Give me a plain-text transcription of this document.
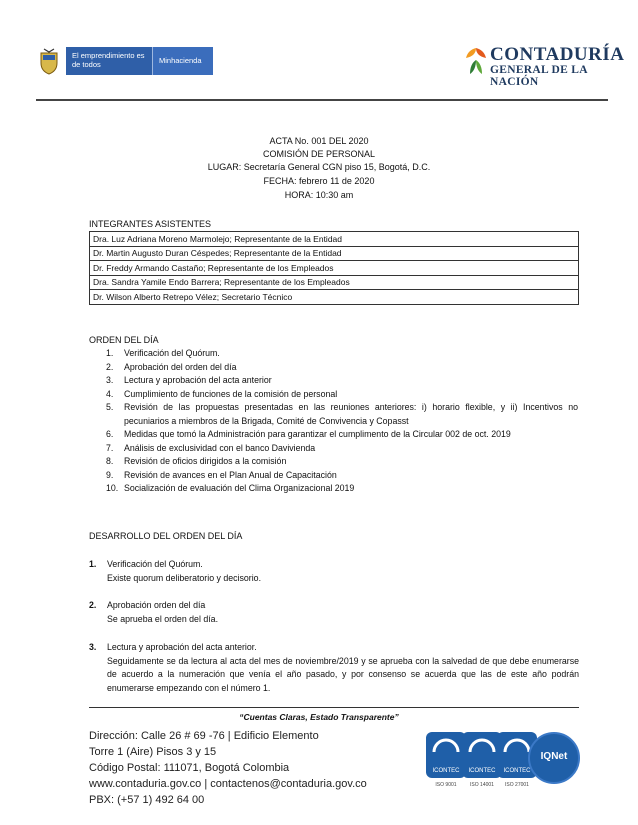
El emprendimiento es de todos	Minhacienda	CONTADURÍA
GENERAL DE LA NACIÓN
ACTA No. 001 DEL 2020
COMISIÓN DE PERSONAL
LUGAR: Secretaría General CGN piso 15, Bogotá, D.C.
FECHA: febrero 11 de 2020
HORA: 10:30 am
INTEGRANTES ASISTENTES
Dra. Luz Adriana Moreno Marmolejo; Representante de la Entidad
Dr. Martin Augusto Duran Céspedes; Representante de la Entidad
Dr. Freddy Armando Castaño; Representante de los Empleados
Dra. Sandra Yamile Endo Barrera; Representante de los Empleados
Dr. Wilson Alberto Retrepo Vélez; Secretario Técnico
ORDEN DEL DÍA
1.	Verificación del Quórum.
2.	Aprobación del orden del día
3.	Lectura y aprobación del acta anterior
4.	Cumplimiento de funciones de la comisión de personal
5.	Revisión de las propuestas presentadas en las reuniones anteriores: i) horario flexible, y ii) Incentivos no pecuniarios a miembros de la Brigada, Comité de Convivencia y Copasst
6.	Medidas que tomó la Administración para garantizar el cumplimento de la Circular 002 de oct. 2019
7.	Análisis de exclusividad con el banco Davivienda
8.	Revisión de oficios dirigidos a la comisión
9.	Revisión de avances en el Plan Anual de Capacitación
10. Socialización de evaluación del Clima Organizacional 2019
DESARROLLO DEL ORDEN DEL DÍA
1.	Verificación del Quórum.
Existe quorum deliberatorio y decisorio.
2.	Aprobación orden del día
Se aprueba el orden del día.
3.	Lectura y aprobación del acta anterior.
Seguidamente se da lectura al acta del mes de noviembre/2019 y se aprueba con la salvedad de que debe enumerarse de acuerdo a la numeración que venía el año pasado, y por consenso se acuerda que las de este año podrán enumerarse empezando con el número 1.
“Cuentas Claras, Estado Transparente”
Dirección: Calle 26 # 69 -76 | Edificio Elemento
Torre 1 (Aire) Pisos 3 y 15
Código Postal: 111071, Bogotá Colombia
www.contaduria.gov.co | contactenos@contaduria.gov.co
PBX: (+57 1) 492 64 00
ICONTEC ICONTEC ICONTEC
ISO 9001	ISO 14001	ISO 27001
IQNet
